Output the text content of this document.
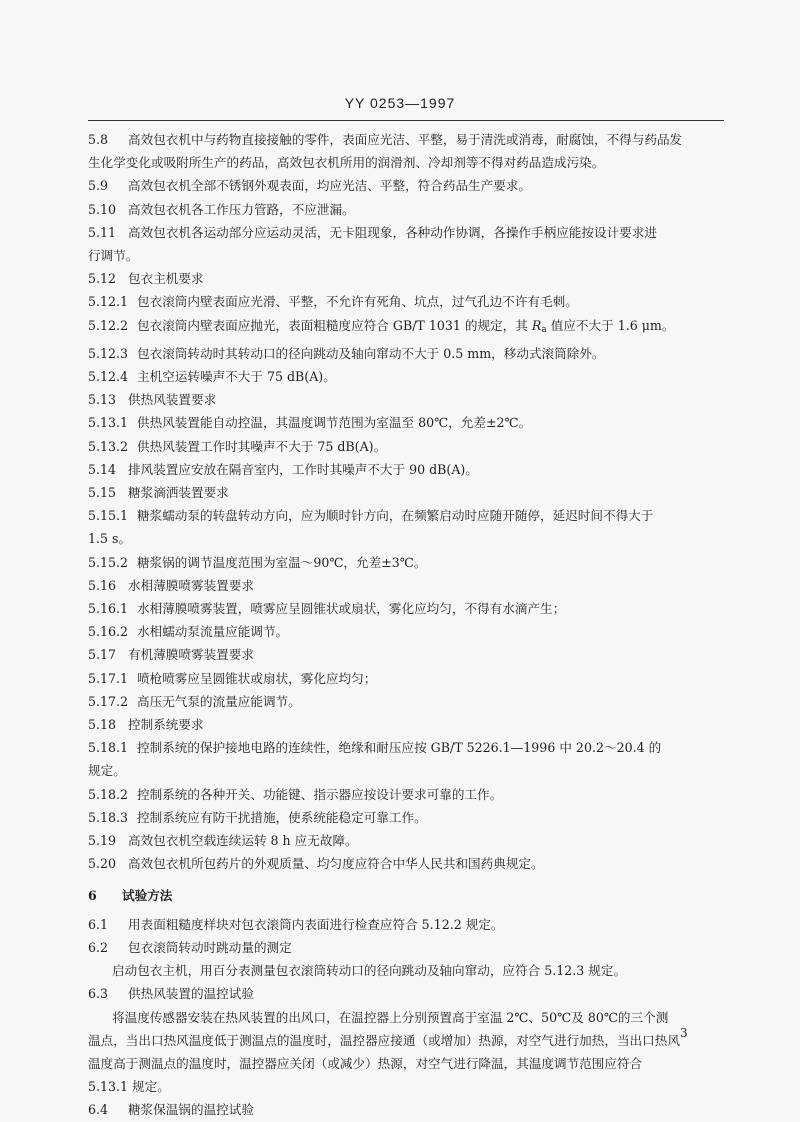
YY 0253—1997
5.8 高效包衣机中与药物直接接触的零件，表面应光洁、平整，易于清洗或消毒，耐腐蚀，不得与药品发
生化学变化或吸附所生产的药品，高效包衣机所用的润滑剂、冷却剂等不得对药品造成污染。
5.9 高效包衣机全部不锈钢外观表面，均应光洁、平整，符合药品生产要求。
5.10 高效包衣机各工作压力管路，不应泄漏。
5.11 高效包衣机各运动部分应运动灵活，无卡阻现象，各种动作协调，各操作手柄应能按设计要求进
行调节。
5.12 包衣主机要求
5.12.1 包衣滚筒内壁表面应光滑、平整，不允许有死角、坑点，过气孔边不许有毛刺。
5.12.2 包衣滚筒内壁表面应抛光，表面粗糙度应符合 GB/T 1031 的规定，其 $R_a$ 值应不大于 1.6 μm。
5.12.3 包衣滚筒转动时其转动口的径向跳动及轴向窜动不大于 0.5 mm，移动式滚筒除外。
5.12.4 主机空运转噪声不大于 75 dB(A)。
5.13 供热风装置要求
5.13.1 供热风装置能自动控温，其温度调节范围为室温至 80℃，允差±2℃。
5.13.2 供热风装置工作时其噪声不大于 75 dB(A)。
5.14 排风装置应安放在隔音室内，工作时其噪声不大于 90 dB(A)。
5.15 糖浆滴洒装置要求
5.15.1 糖浆蠕动泵的转盘转动方向，应为顺时针方向，在频繁启动时应随开随停，延迟时间不得大于
1.5 s。
5.15.2 糖浆锅的调节温度范围为室温～90℃，允差±3℃。
5.16 水相薄膜喷雾装置要求
5.16.1 水相薄膜喷雾装置，喷雾应呈圆锥状或扇状，雾化应均匀，不得有水滴产生；
5.16.2 水相蠕动泵流量应能调节。
5.17 有机薄膜喷雾装置要求
5.17.1 喷枪喷雾应呈圆锥状或扇状，雾化应均匀；
5.17.2 高压无气泵的流量应能调节。
5.18 控制系统要求
5.18.1 控制系统的保护接地电路的连续性，绝缘和耐压应按 GB/T 5226.1—1996 中 20.2～20.4 的
规定。
5.18.2 控制系统的各种开关、功能键、指示器应按设计要求可靠的工作。
5.18.3 控制系统应有防干扰措施，使系统能稳定可靠工作。
5.19 高效包衣机空载连续运转 8 h 应无故障。
5.20 高效包衣机所包药片的外观质量、均匀度应符合中华人民共和国药典规定。
6 试验方法
6.1 用表面粗糙度样块对包衣滚筒内表面进行检查应符合 5.12.2 规定。
6.2 包衣滚筒转动时跳动量的测定
启动包衣主机，用百分表测量包衣滚筒转动口的径向跳动及轴向窜动，应符合 5.12.3 规定。
6.3 供热风装置的温控试验
将温度传感器安装在热风装置的出风口，在温控器上分别预置高于室温 2℃、50℃及 80℃的三个测
温点，当出口热风温度低于测温点的温度时，温控器应接通（或增加）热源，对空气进行加热，当出口热风
温度高于测温点的温度时，温控器应关闭（或减少）热源，对空气进行降温，其温度调节范围应符合
5.13.1 规定。
6.4 糖浆保温锅的温控试验
3
